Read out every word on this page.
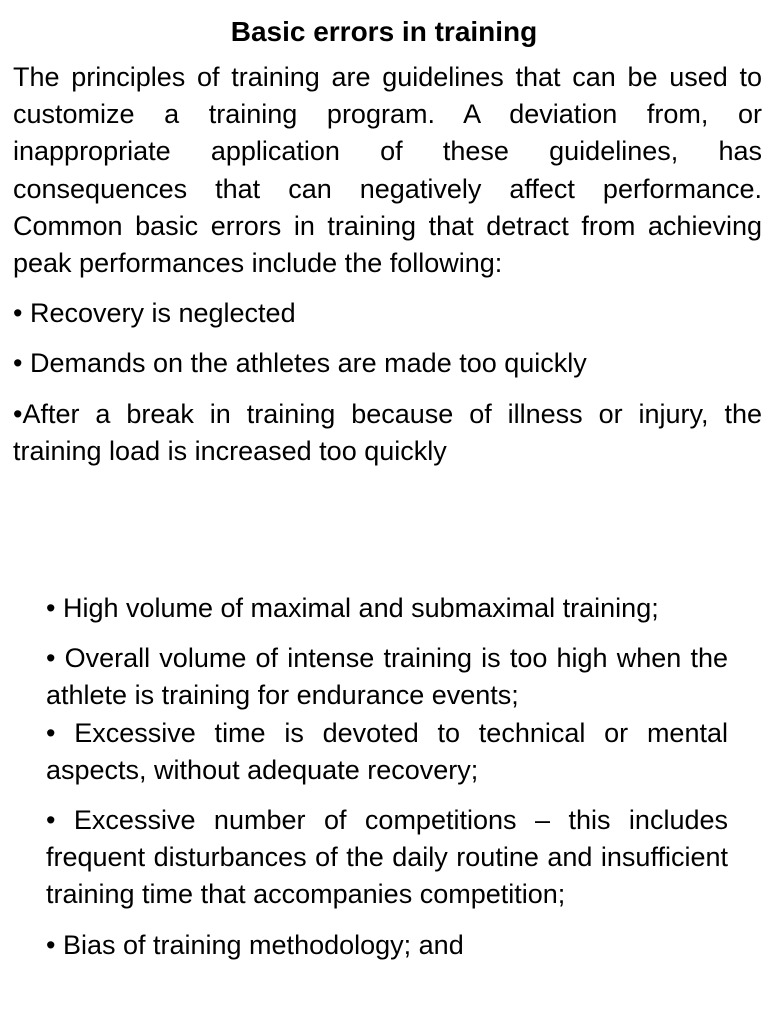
Basic errors in training

The principles of training are guidelines that can be used to customize a training program. A deviation from, or inappropriate application of these guidelines, has consequences that can negatively affect performance. Common basic errors in training that detract from achieving peak performances include the following:

• Recovery is neglected
• Demands on the athletes are made too quickly
•After a break in training because of illness or injury, the training load is increased too quickly
• High volume of maximal and submaximal training;
• Overall volume of intense training is too high when the athlete is training for endurance events;
• Excessive time is devoted to technical or mental aspects, without adequate recovery;
• Excessive number of competitions – this includes frequent disturbances of the daily routine and insufficient training time that accompanies competition;
• Bias of training methodology; and
